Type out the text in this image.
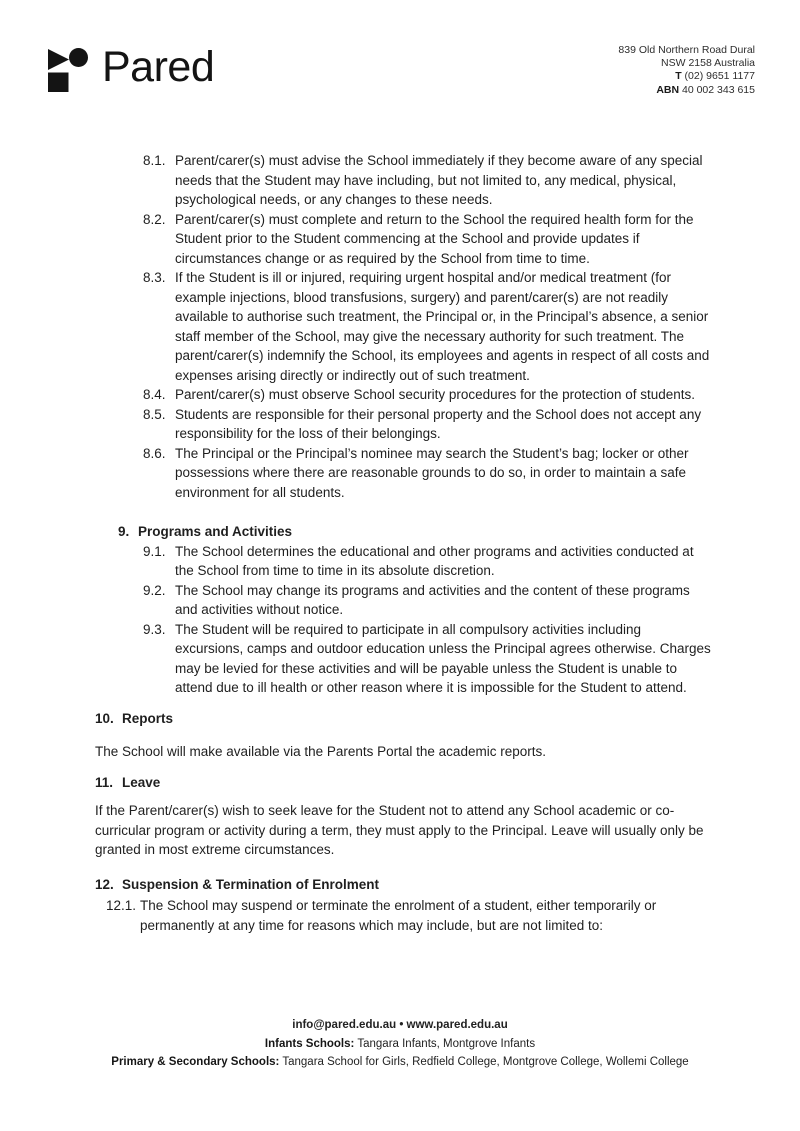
Pared	839 Old Northern Road Dural
NSW 2158 Australia
T (02) 9651 1177
ABN 40 002 343 615
8.1. Parent/carer(s) must advise the School immediately if they become aware of any special needs that the Student may have including, but not limited to, any medical, physical, psychological needs, or any changes to these needs.
8.2. Parent/carer(s) must complete and return to the School the required health form for the Student prior to the Student commencing at the School and provide updates if circumstances change or as required by the School from time to time.
8.3. If the Student is ill or injured, requiring urgent hospital and/or medical treatment (for example injections, blood transfusions, surgery) and parent/carer(s) are not readily available to authorise such treatment, the Principal or, in the Principal’s absence, a senior staff member of the School, may give the necessary authority for such treatment. The parent/carer(s) indemnify the School, its employees and agents in respect of all costs and expenses arising directly or indirectly out of such treatment.
8.4. Parent/carer(s) must observe School security procedures for the protection of students.
8.5. Students are responsible for their personal property and the School does not accept any responsibility for the loss of their belongings.
8.6. The Principal or the Principal’s nominee may search the Student’s bag; locker or other possessions where there are reasonable grounds to do so, in order to maintain a safe environment for all students.
9. Programs and Activities
9.1. The School determines the educational and other programs and activities conducted at the School from time to time in its absolute discretion.
9.2. The School may change its programs and activities and the content of these programs and activities without notice.
9.3. The Student will be required to participate in all compulsory activities including excursions, camps and outdoor education unless the Principal agrees otherwise. Charges may be levied for these activities and will be payable unless the Student is unable to attend due to ill health or other reason where it is impossible for the Student to attend.
10. Reports

The School will make available via the Parents Portal the academic reports.

11. Leave

If the Parent/carer(s) wish to seek leave for the Student not to attend any School academic or co-curricular program or activity during a term, they must apply to the Principal. Leave will usually only be granted in most extreme circumstances.

12. Suspension & Termination of Enrolment
12.1. The School may suspend or terminate the enrolment of a student, either temporarily or permanently at any time for reasons which may include, but are not limited to:
info@pared.edu.au • www.pared.edu.au
Infants Schools: Tangara Infants, Montgrove Infants
Primary & Secondary Schools: Tangara School for Girls, Redfield College, Montgrove College, Wollemi College
